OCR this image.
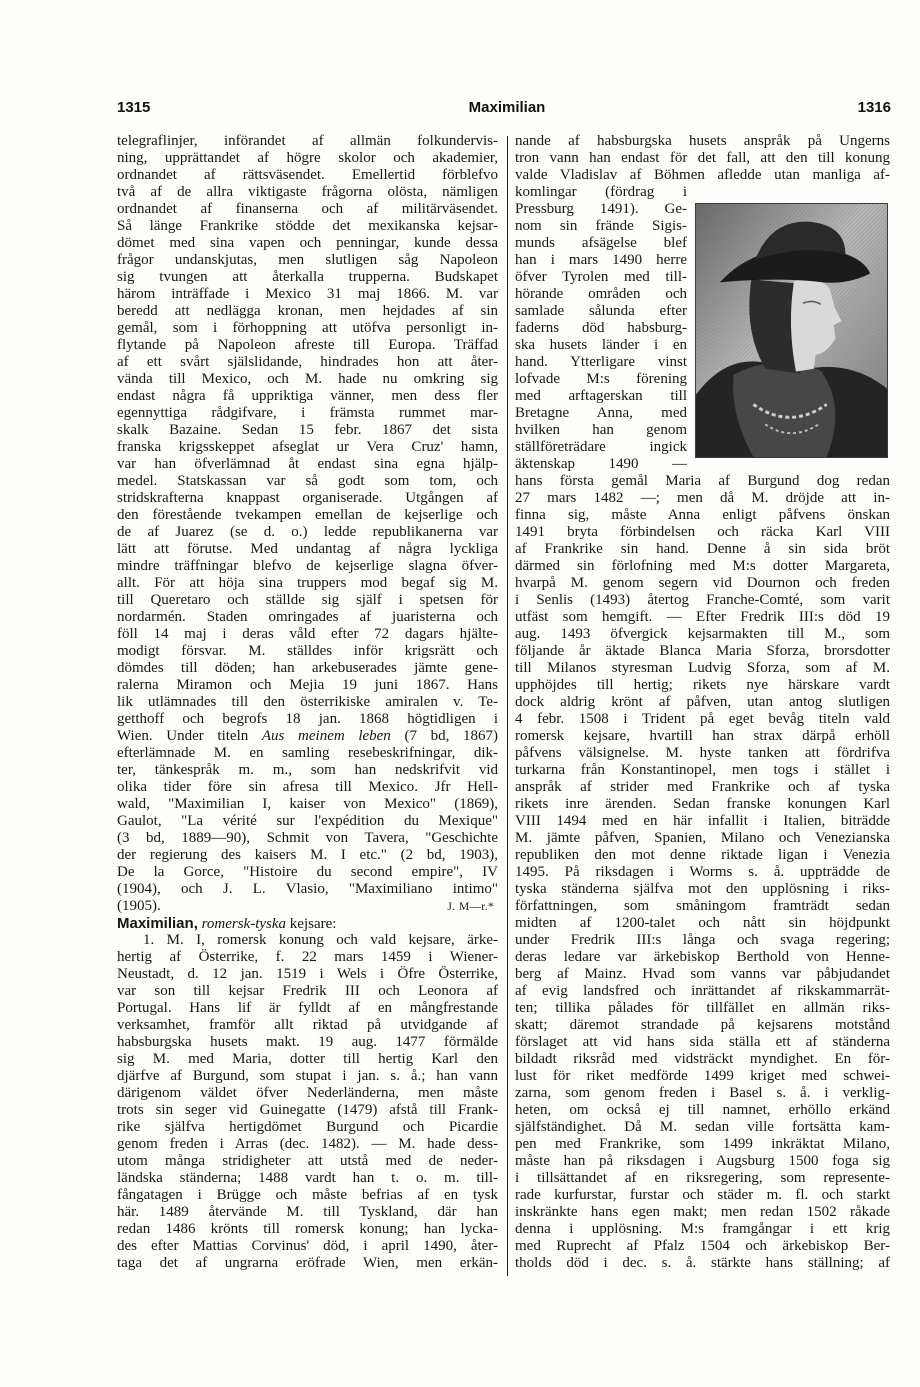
1315	Maximilian	1316
telegraflinjer, införandet af allmän folkundervis-
ning, upprättandet af högre skolor och akademier,
ordnandet af rättsväsendet. Emellertid förblefvo
två af de allra viktigaste frågorna olösta, nämligen
ordnandet af finanserna och af militärväsendet.
Så länge Frankrike stödde det mexikanska kejsar-
dömet med sina vapen och penningar, kunde dessa
frågor undanskjutas, men slutligen såg Napoleon
sig tvungen att återkalla trupperna. Budskapet
härom inträffade i Mexico 31 maj 1866. M. var
beredd att nedlägga kronan, men hejdades af sin
gemål, som i förhoppning att utöfva personligt in-
flytande på Napoleon afreste till Europa. Träffad
af ett svårt själslidande, hindrades hon att åter-
vända till Mexico, och M. hade nu omkring sig
endast några få uppriktiga vänner, men dess fler
egennyttiga rådgifvare, i främsta rummet mar-
skalk Bazaine. Sedan 15 febr. 1867 det sista
franska krigsskeppet afseglat ur Vera Cruz' hamn,
var han öfverlämnad åt endast sina egna hjälp-
medel. Statskassan var så godt som tom, och
stridskrafterna knappast organiserade. Utgången af
den förestående tvekampen emellan de kejserlige och
de af Juarez (se d. o.) ledde republikanerna var
lätt att förutse. Med undantag af några lyckliga
mindre träffningar blefvo de kejserlige slagna öfver-
allt. För att höja sina truppers mod begaf sig M.
till Queretaro och ställde sig själf i spetsen för
nordarmén. Staden omringades af juaristerna och
föll 14 maj i deras våld efter 72 dagars hjälte-
modigt försvar. M. ställdes inför krigsrätt och
dömdes till döden; han arkebuserades jämte gene-
ralerna Miramon och Mejia 19 juni 1867. Hans
lik utlämnades till den österrikiske amiralen v. Te-
getthoff och begrofs 18 jan. 1868 högtidligen i
Wien. Under titeln Aus meinem leben (7 bd, 1867)
efterlämnade M. en samling resebeskrifningar, dik-
ter, tänkespråk m. m., som han nedskrifvit vid
olika tider före sin afresa till Mexico. Jfr Hell-
wald, "Maximilian I, kaiser von Mexico" (1869),
Gaulot, "La vérité sur l'expédition du Mexique"
(3 bd, 1889—90), Schmit von Tavera, "Geschichte
der regierung des kaisers M. I etc." (2 bd, 1903),
De la Gorce, "Histoire du second empire", IV
(1904), och J. L. Vlasio, "Maximiliano intimo"
(1905).	J. M—r.*
Maximilian, romersk-tyska kejsare:
1. M. I, romersk konung och vald kejsare, ärke-
hertig af Österrike, f. 22 mars 1459 i Wiener-
Neustadt, d. 12 jan. 1519 i Wels i Öfre Österrike,
var son till kejsar Fredrik III och Leonora af
Portugal. Hans lif är fylldt af en mångfrestande
verksamhet, framför allt riktad på utvidgande af
habsburgska husets makt. 19 aug. 1477 förmälde
sig M. med Maria, dotter till hertig Karl den
djärfve af Burgund, som stupat i jan. s. å.; han vann
därigenom väldet öfver Nederländerna, men måste
trots sin seger vid Guinegatte (1479) afstå till Frank-
rike själfva hertigdömet Burgund och Picardie
genom freden i Arras (dec. 1482). — M. hade dess-
utom många stridigheter att utstå med de neder-
ländska ständerna; 1488 vardt han t. o. m. till-
fångatagen i Brügge och måste befrias af en tysk
här. 1489 återvände M. till Tyskland, där han
redan 1486 krönts till romersk konung; han lycka-
des efter Mattias Corvinus' död, i april 1490, åter-
taga det af ungrarna eröfrade Wien, men erkän-
nande af habsburgska husets anspråk på Ungerns
tron vann han endast för det fall, att den till konung
valde Vladislav af Böhmen afledde utan manliga af-
komlingar (fördrag i
Pressburg 1491). Ge-
nom sin frände Sigis-
munds afsägelse blef
han i mars 1490 herre
öfver Tyrolen med till-
hörande områden och
samlade sålunda efter
faderns död habsburg-
ska husets länder i en
hand. Ytterligare vinst
lofvade M:s förening
med arftagerskan till
Bretagne Anna, med
hvilken han genom
ställföreträdare ingick
äktenskap 1490 —
hans första gemål Maria af Burgund dog redan
27 mars 1482 —; men då M. dröjde att in-
finna sig, måste Anna enligt påfvens önskan
1491 bryta förbindelsen och räcka Karl VIII
af Frankrike sin hand. Denne å sin sida bröt
därmed sin förlofning med M:s dotter Margareta,
hvarpå M. genom segern vid Dournon och freden
i Senlis (1493) återtog Franche-Comté, som varit
utfäst som hemgift. — Efter Fredrik III:s död 19
aug. 1493 öfvergick kejsarmakten till M., som
följande år äktade Blanca Maria Sforza, brorsdotter
till Milanos styresman Ludvig Sforza, som af M.
upphöjdes till hertig; rikets nye härskare vardt
dock aldrig krönt af påfven, utan antog slutligen
4 febr. 1508 i Trident på eget bevåg titeln vald
romersk kejsare, hvartill han strax därpå erhöll
påfvens välsignelse. M. hyste tanken att fördrifva
turkarna från Konstantinopel, men togs i stället i
anspråk af strider med Frankrike och af tyska
rikets inre ärenden. Sedan franske konungen Karl
VIII 1494 med en här infallit i Italien, biträdde
M. jämte påfven, Spanien, Milano och Venezianska
republiken den mot denne riktade ligan i Venezia
1495. På riksdagen i Worms s. å. uppträdde de
tyska ständerna själfva mot den upplösning i riks-
författningen, som småningom framträdt sedan
midten af 1200-talet och nått sin höjdpunkt
under Fredrik III:s långa och svaga regering;
deras ledare var ärkebiskop Berthold von Henne-
berg af Mainz. Hvad som vanns var påbjudandet
af evig landsfred och inrättandet af rikskammarrät-
ten; tillika pålades för tillfället en allmän riks-
skatt; däremot strandade på kejsarens motstånd
förslaget att vid hans sida ställa ett af ständerna
bildadt riksråd med vidsträckt myndighet. En för-
lust för riket medförde 1499 kriget med schwei-
zarna, som genom freden i Basel s. å. i verklig-
heten, om också ej till namnet, erhöllo erkänd
själfständighet. Då M. sedan ville fortsätta kam-
pen med Frankrike, som 1499 inkräktat Milano,
måste han på riksdagen i Augsburg 1500 foga sig
i tillsättandet af en riksregering, som represente-
rade kurfurstar, furstar och städer m. fl. och starkt
inskränkte hans egen makt; men redan 1502 råkade
denna i upplösning. M:s framgångar i ett krig
med Ruprecht af Pfalz 1504 och ärkebiskop Ber-
tholds död i dec. s. å. stärkte hans ställning; af
